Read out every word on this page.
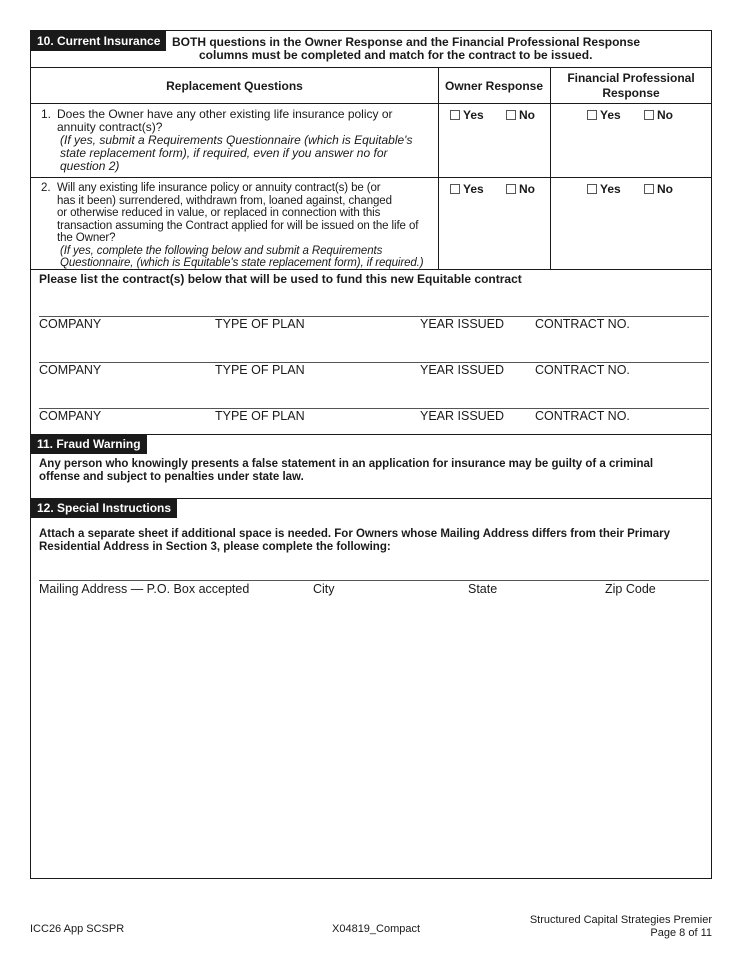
10. Current Insurance BOTH questions in the Owner Response and the Financial Professional Response
columns must be completed and match for the contract to be issued.
Replacement Questions	Owner Response
Financial Professional
Response
1. Does the Owner have any other existing life insurance policy or
annuity contract(s)?
(If yes, submit a Requirements Questionnaire (which is Equitable's
state replacement form), if required, even if you answer no for
question 2)
Yes	No	Yes	No
2. Will any existing life insurance policy or annuity contract(s) be (or
has it been) surrendered, withdrawn from, loaned against, changed
or otherwise reduced in value, or replaced in connection with this
transaction assuming the Contract applied for will be issued on the life of
the Owner?
(If yes, complete the following below and submit a Requirements
Questionnaire, (which is Equitable's state replacement form), if required.)
Yes	No	Yes	No
Please list the contract(s) below that will be used to fund this new Equitable contract
COMPANY	TYPE OF PLAN	YEAR ISSUED CONTRACT NO.
COMPANY	TYPE OF PLAN	YEAR ISSUED CONTRACT NO.
COMPANY	TYPE OF PLAN	YEAR ISSUED CONTRACT NO.
11. Fraud Warning
Any person who knowingly presents a false statement in an application for insurance may be guilty of a criminal
offense and subject to penalties under state law.
12. Special Instructions
Attach a separate sheet if additional space is needed. For Owners whose Mailing Address differs from their Primary
Residential Address in Section 3, please complete the following:
Mailing Address — P.O. Box accepted	City	State	Zip Code
ICC26 App SCSPR	X04819_Compact
Structured Capital Strategies Premier
Page 8 of 11
